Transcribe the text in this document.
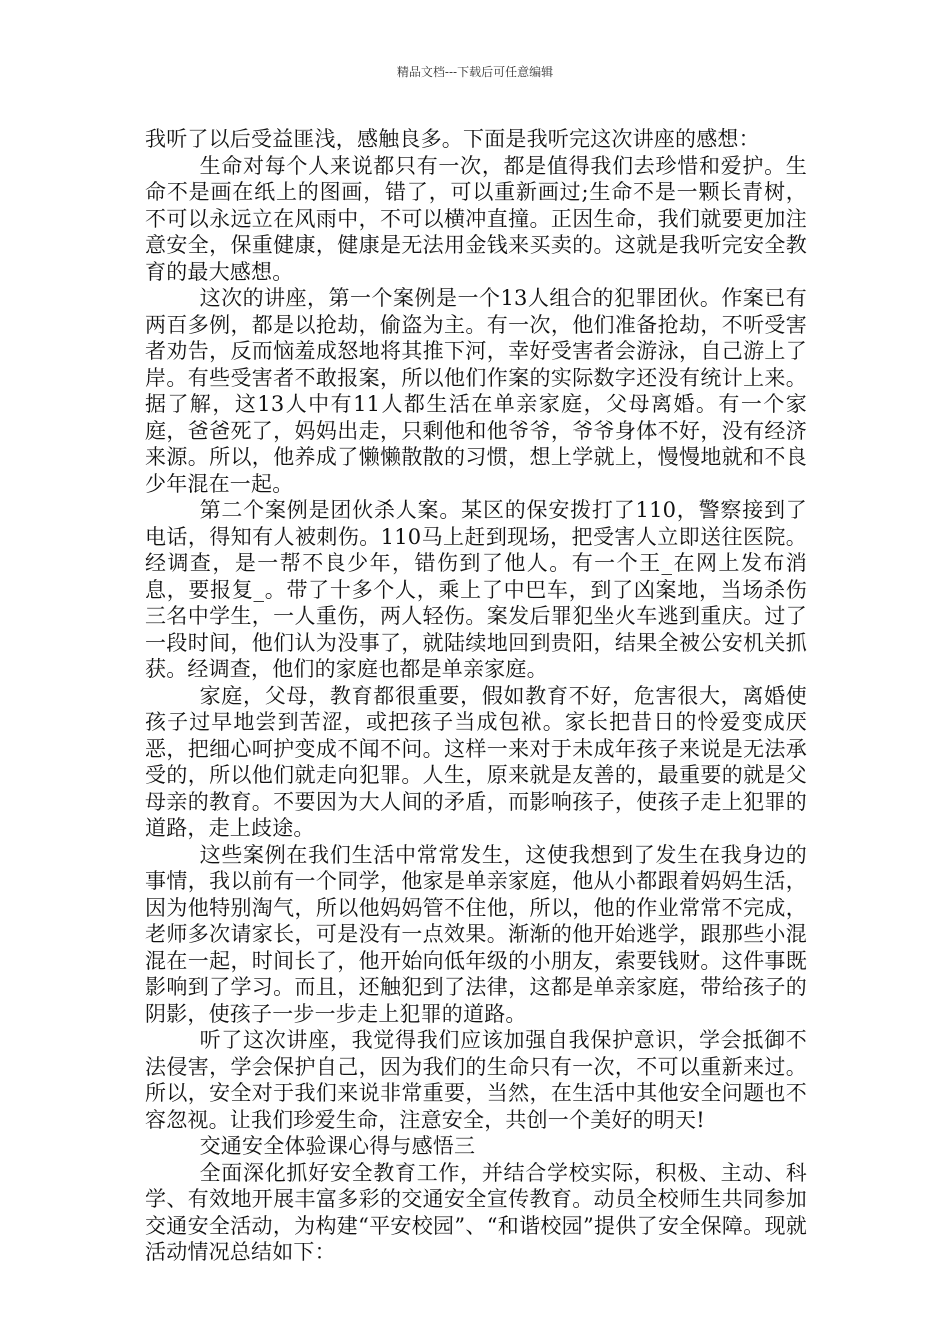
精品文档---下载后可任意编辑

我听了以后受益匪浅，感触良多。下面是我听完这次讲座的感想：

生命对每个人来说都只有一次，都是值得我们去珍惜和爱护。生命不是画在纸上的图画，错了，可以重新画过;生命不是一颗长青树，不可以永远立在风雨中，不可以横冲直撞。正因生命，我们就要更加注意安全，保重健康，健康是无法用金钱来买卖的。这就是我听完安全教育的最大感想。

这次的讲座，第一个案例是一个13人组合的犯罪团伙。作案已有两百多例，都是以抢劫，偷盗为主。有一次，他们准备抢劫，不听受害者劝告，反而恼羞成怒地将其推下河，幸好受害者会游泳，自己游上了岸。有些受害者不敢报案，所以他们作案的实际数字还没有统计上来。据了解，这13人中有11人都生活在单亲家庭，父母离婚。有一个家庭，爸爸死了，妈妈出走，只剩他和他爷爷，爷爷身体不好，没有经济来源。所以，他养成了懒懒散散的习惯，想上学就上，慢慢地就和不良少年混在一起。

第二个案例是团伙杀人案。某区的保安拨打了110，警察接到了电话，得知有人被刺伤。110马上赶到现场，把受害人立即送往医院。经调查，是一帮不良少年，错伤到了他人。有一个王_在网上发布消息，要报复_。带了十多个人，乘上了中巴车，到了凶案地，当场杀伤三名中学生，一人重伤，两人轻伤。案发后罪犯坐火车逃到重庆。过了一段时间，他们认为没事了，就陆续地回到贵阳，结果全被公安机关抓获。经调查，他们的家庭也都是单亲家庭。

家庭，父母，教育都很重要，假如教育不好，危害很大，离婚使孩子过早地尝到苦涩，或把孩子当成包袱。家长把昔日的怜爱变成厌恶，把细心呵护变成不闻不问。这样一来对于未成年孩子来说是无法承受的，所以他们就走向犯罪。人生，原来就是友善的，最重要的就是父母亲的教育。不要因为大人间的矛盾，而影响孩子，使孩子走上犯罪的道路，走上歧途。

这些案例在我们生活中常常发生，这使我想到了发生在我身边的事情，我以前有一个同学，他家是单亲家庭，他从小都跟着妈妈生活，因为他特别淘气，所以他妈妈管不住他，所以，他的作业常常不完成，老师多次请家长，可是没有一点效果。渐渐的他开始逃学，跟那些小混混在一起，时间长了，他开始向低年级的小朋友，索要钱财。这件事既影响到了学习。而且，还触犯到了法律，这都是单亲家庭，带给孩子的阴影，使孩子一步一步走上犯罪的道路。

听了这次讲座，我觉得我们应该加强自我保护意识，学会抵御不法侵害，学会保护自己，因为我们的生命只有一次，不可以重新来过。所以，安全对于我们来说非常重要，当然，在生活中其他安全问题也不容忽视。让我们珍爱生命，注意安全，共创一个美好的明天!

交通安全体验课心得与感悟三

全面深化抓好安全教育工作，并结合学校实际，积极、主动、科学、有效地开展丰富多彩的交通安全宣传教育。动员全校师生共同参加交通安全活动，为构建“平安校园”、“和谐校园”提供了安全保障。现就活动情况总结如下：
